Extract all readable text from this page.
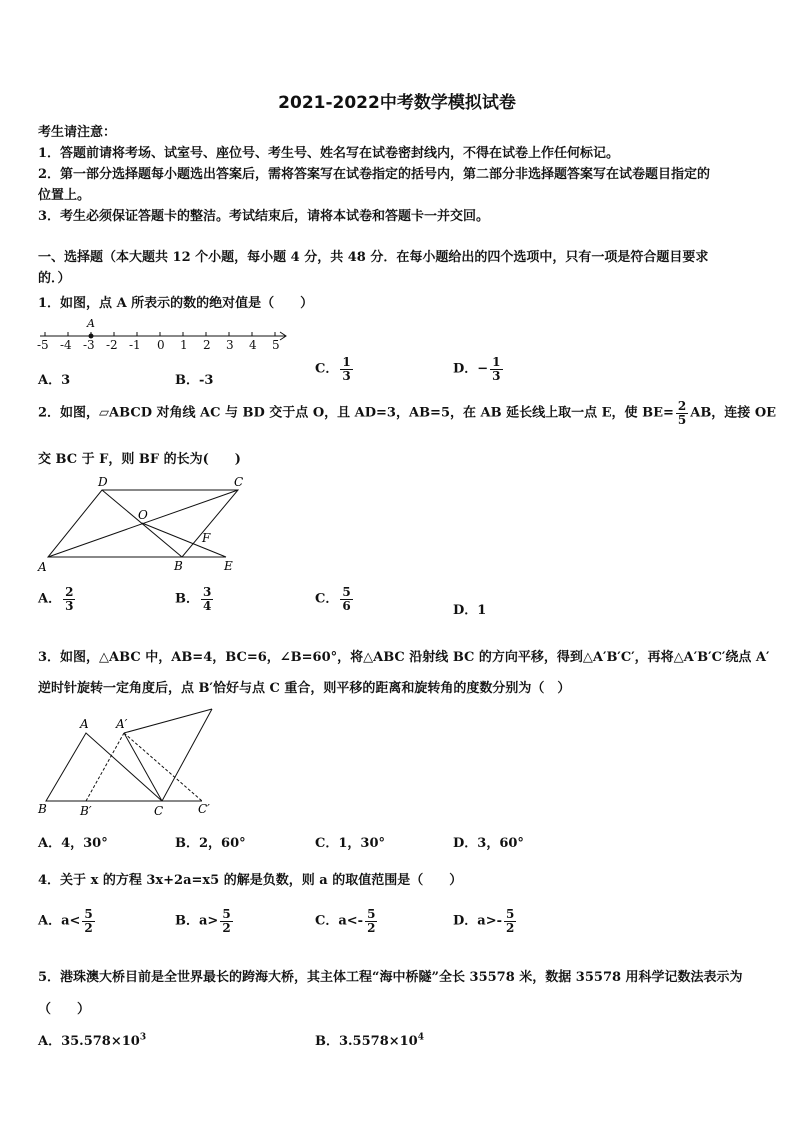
2021-2022中考数学模拟试卷
考生请注意：
1．答题前请将考场、试室号、座位号、考生号、姓名写在试卷密封线内，不得在试卷上作任何标记。
2．第一部分选择题每小题选出答案后，需将答案写在试卷指定的括号内，第二部分非选择题答案写在试卷题目指定的
位置上。
3．考生必须保证答题卡的整洁。考试结束后，请将本试卷和答题卡一并交回。
一、选择题（本大题共 12 个小题，每小题 4 分，共 48 分．在每小题给出的四个选项中，只有一项是符合题目要求
的．）
1．如图，点 A 所表示的数的绝对值是（　　）
A
-5 -4 -3 -2 -1 0 1 2 3 4 5
A．3	B．-3
C． $\frac{1}{3}$	D．− $\frac{1}{3}$
2．如图，▱ABCD 对角线 AC 与 BD 交于点 O，且 AD=3，AB=5，在 AB 延长线上取一点 E，使 $BE= \frac{2}{5}$ AB，连接 OE
交 BC 于 F，则 BF 的长为(　　)
A	B
C
D
E
O
F
A． $\frac{2}{3}$	B． $\frac{3}{4}$	C． $\frac{5}{6}$	D．1
3．如图，△ABC 中，AB=4，BC=6，∠B=60°，将△ABC 沿射线 BC 的方向平移，得到△A′B′C′，再将△A′B′C′绕点 A′
逆时针旋转一定角度后，点 B′恰好与点 C 重合，则平移的距离和旋转角的度数分别为（　）
A A′
B	B′	C	C′
A．4，30°	B．2，60°	C．1，30°	D．3，60°
4．关于 x 的方程 3x+2a=x5 的解是负数，则 a 的取值范围是（　　）
A．$a< \frac{5}{2}$	B．$a> \frac{5}{2}$	C．$a<- \frac{5}{2}$	D．$a>- \frac{5}{2}$
5．港珠澳大桥目前是全世界最长的跨海大桥，其主体工程“海中桥隧”全长 35578 米，数据 35578 用科学记数法表示为
（　　）
A．$35.578\times 10^3$	B．$3.5578\times 10^4$
